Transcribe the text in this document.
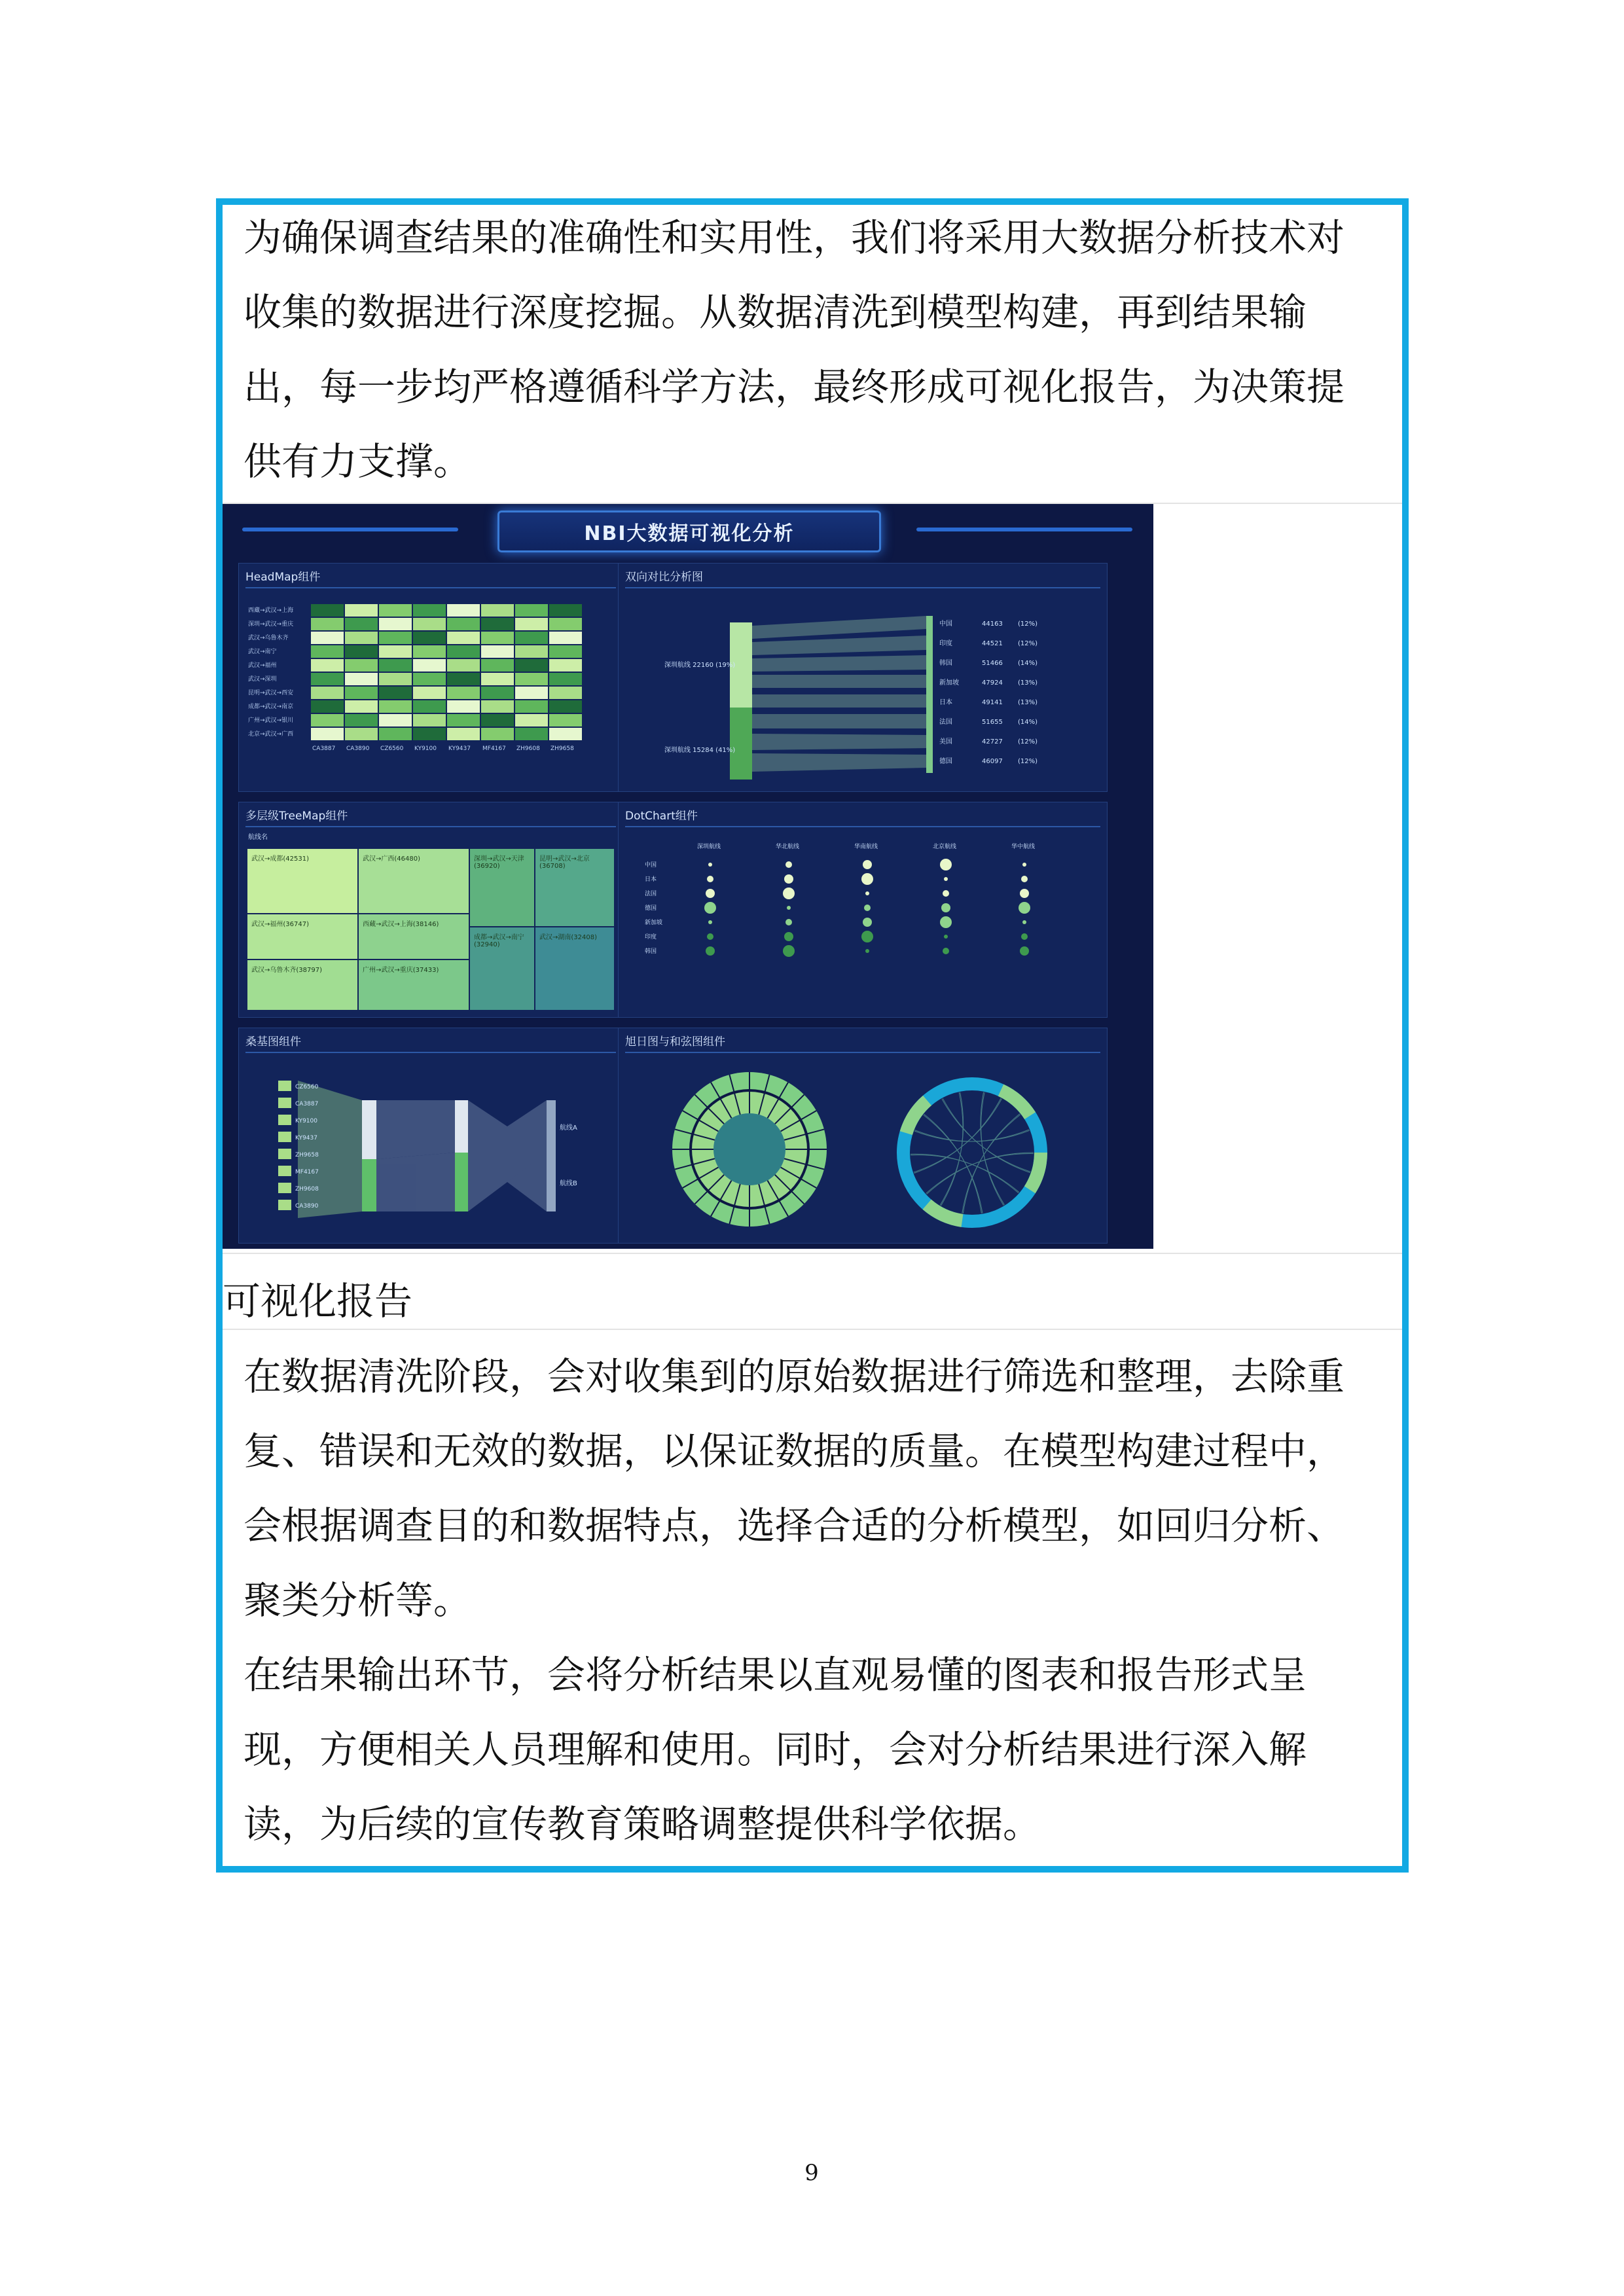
为确保调查结果的准确性和实用性，我们将采用大数据分析技术对
收集的数据进行深度挖掘。从数据清洗到模型构建，再到结果输
出，每一步均严格遵循科学方法，最终形成可视化报告，为决策提
供有力支撑。
NBI大数据可视化分析
HeadMap组件
西藏→武汉→上海
深圳→武汉→重庆
武汉→乌鲁木齐
武汉→南宁
武汉→福州
武汉→深圳
昆明→武汉→西安
成都→武汉→南京
广州→武汉→银川
北京→武汉→广西
CA3887 CA3890 CZ6560 KY9100 KY9437 MF4167 ZH9608 ZH9658
双向对比分析图
深圳航线 22160 (19%)
深圳航线 15284 (41%)
中国	44163 (12%)
印度	44521 (12%)
韩国	51466 (14%)
新加坡	47924 (13%)
日本	49141 (13%)
法国	51655 (14%)
美国	42727 (12%)
德国	46097 (12%)
多层级TreeMap组件
航线名
武汉→成都(42531)	武汉→广西(46480)	深圳→武汉→天津(36920)
昆明→武汉→北京(36708)
武汉→福州(36747)	西藏→武汉→上海(38146)
武汉→乌鲁木齐(38797)	广州→武汉→重庆(37433)
成都→武汉→南宁(32940)
武汉→湖南(32408)
DotChart组件
深圳航线	华北航线	华南航线	北京航线	华中航线
中国
日本
法国
德国
新加坡
印度
韩国
桑基图组件
航线A
航线B
CZ6560
CA3887
KY9100
KY9437
ZH9658
MF4167
ZH9608
CA3890
旭日图与和弦图组件
可视化报告
在数据清洗阶段，会对收集到的原始数据进行筛选和整理，去除重
复、错误和无效的数据，以保证数据的质量。在模型构建过程中，
会根据调查目的和数据特点，选择合适的分析模型，如回归分析、
聚类分析等。
在结果输出环节，会将分析结果以直观易懂的图表和报告形式呈
现，方便相关人员理解和使用。同时，会对分析结果进行深入解
读，为后续的宣传教育策略调整提供科学依据。
9
